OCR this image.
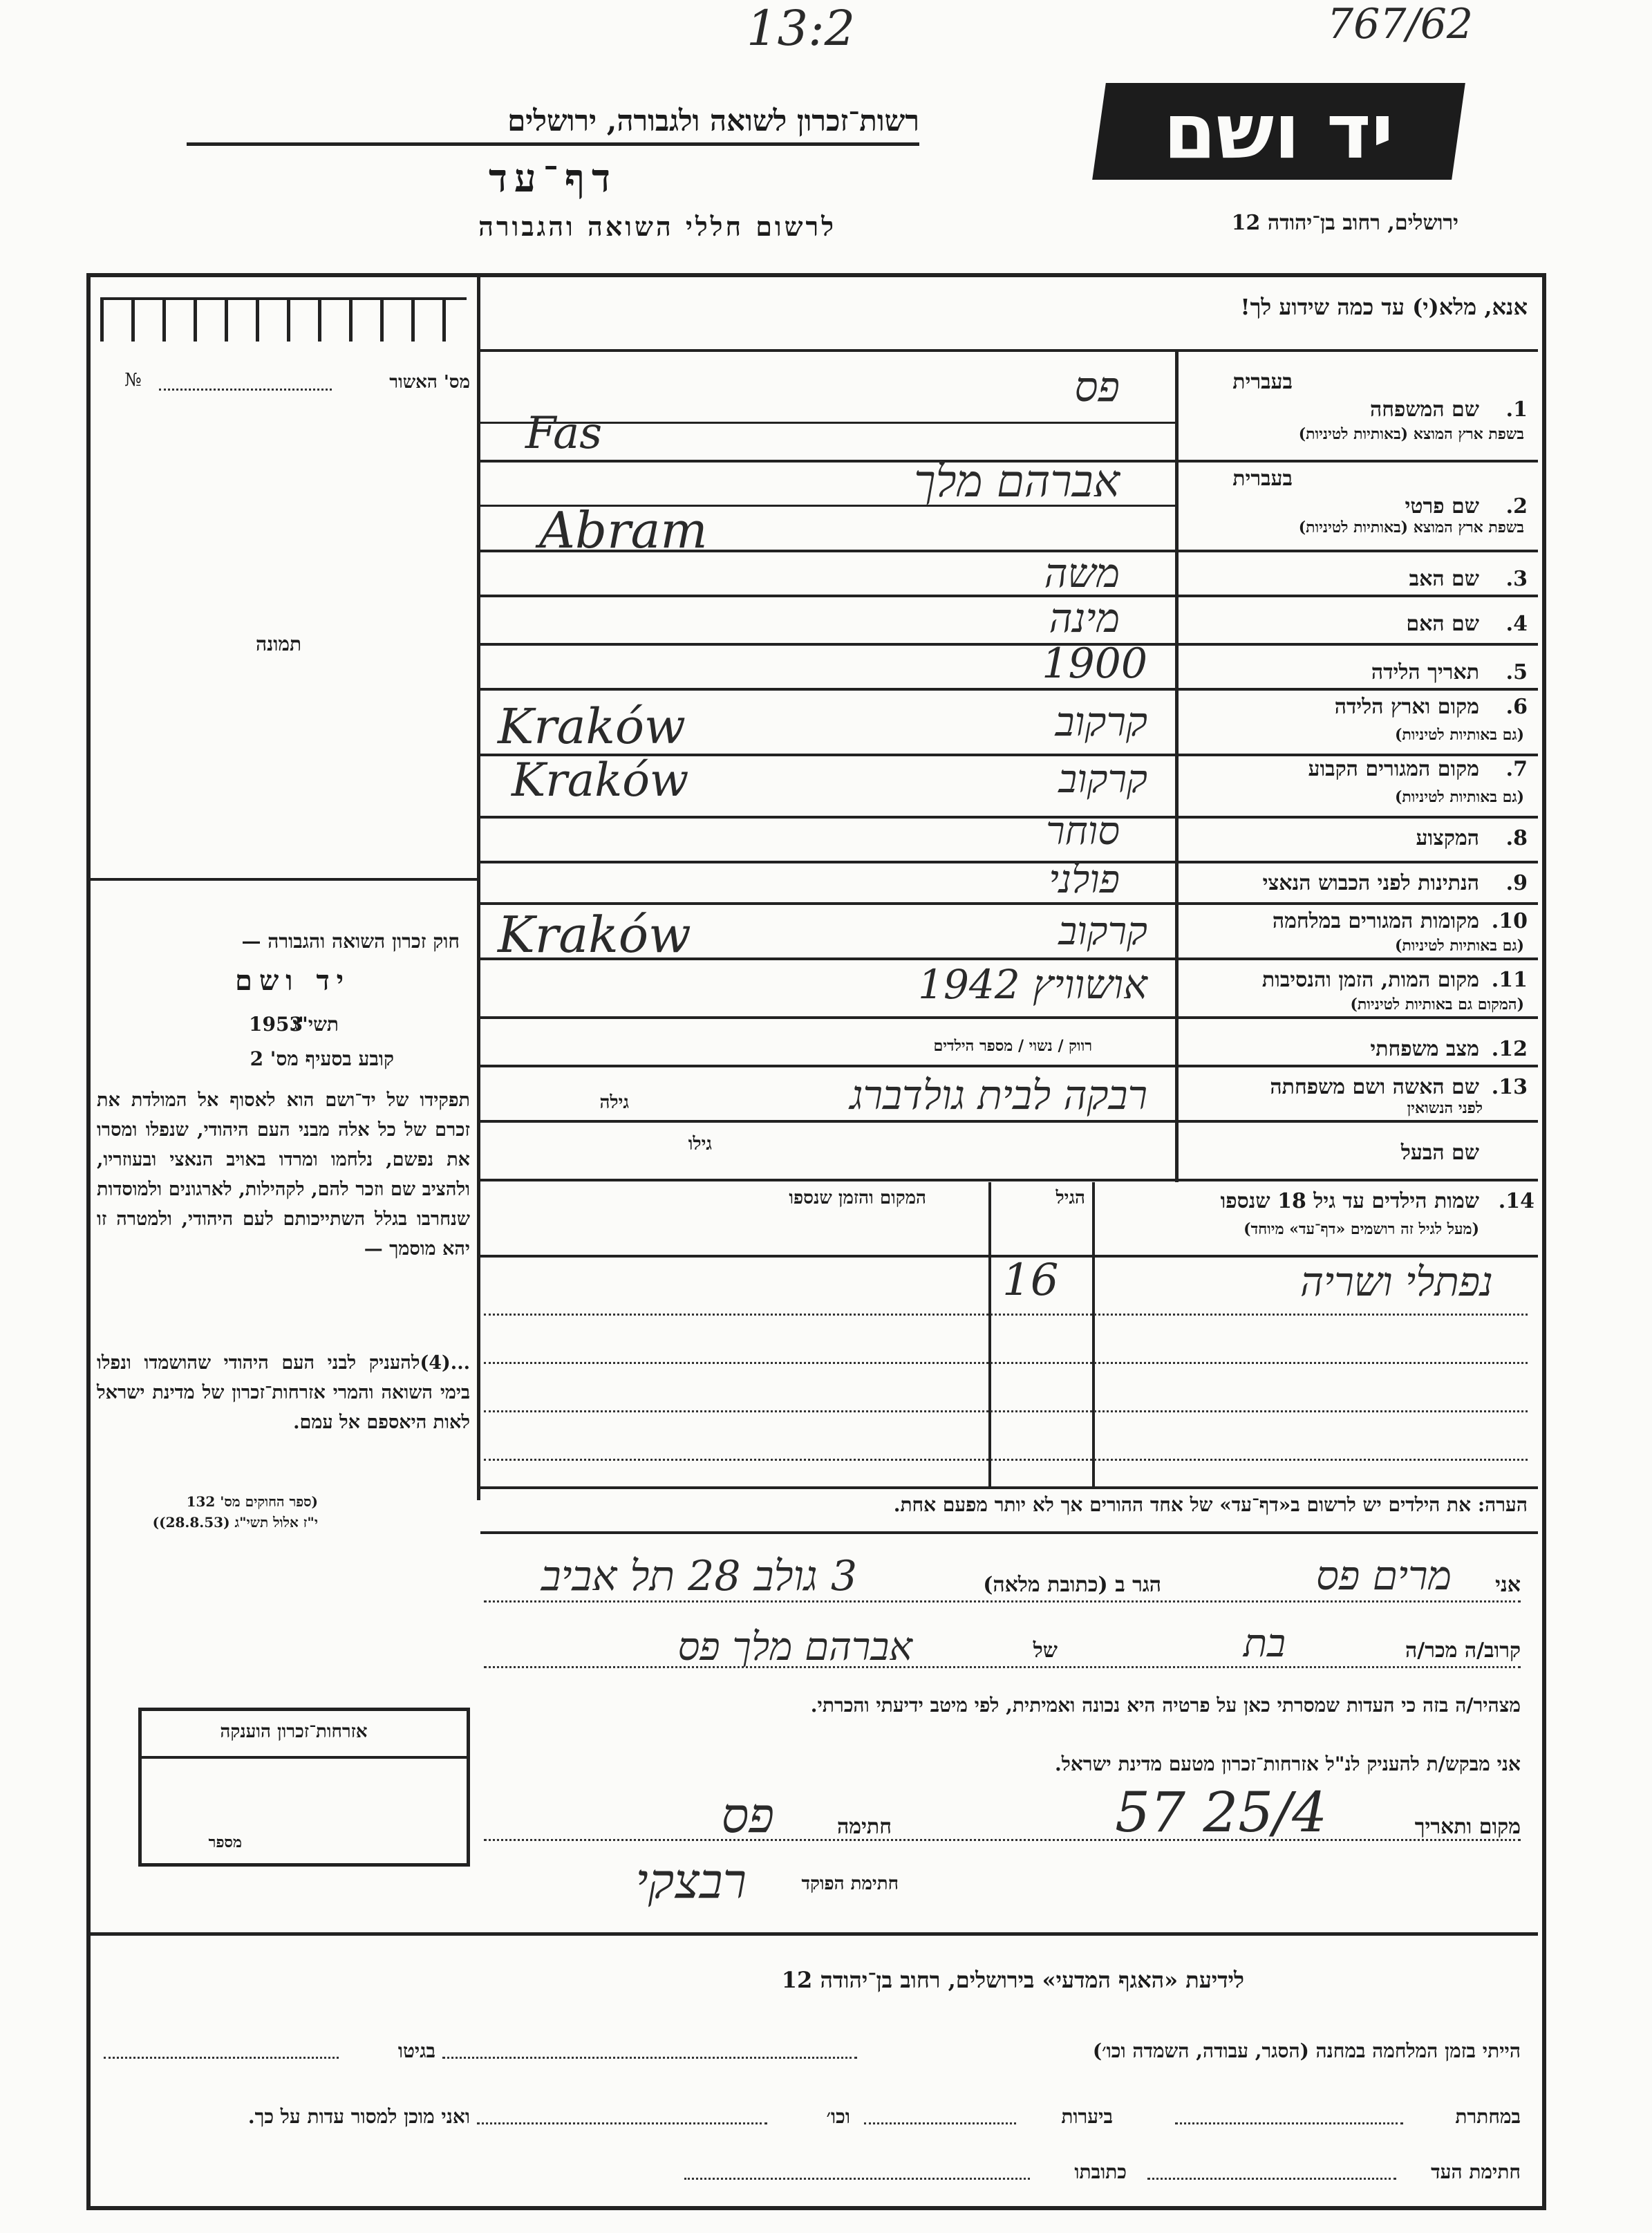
13:2	767/62
יד ושם
רשות־זכרון לשואה ולגבורה, ירושלים
דף־עד
לרשום חללי השואה והגבורה	ירושלים, רחוב בן־יהודה 12
מס' האשור
№
תמונה
חוק זכרון השואה והגבורה —
יד ושם
תשי"ג
1953
קובע בסעיף מס' 2
תפקידו של יד־ושם הוא לאסוף אל המולדת את זכרם של כל אלה מבני העם היהודי, שנפלו ומסרו את נפשם, נלחמו ומרדו באויב הנאצי ובעוזריו, ולהציב שם וזכר להם, לקהילות, לארגונים ולמוסדות שנחרבו בגלל השתייכותם לעם היהודי, ולמטרה זו יהא מוסמך —
...(4)להעניק לבני העם היהודי שהושמדו ונפלו בימי השואה והמרי אזרחות־זכרון של מדינת ישראל לאות היאספם אל עמם.
(ספר החוקים מס' 132
י"ז אלול תשי"ג (28.8.53))
אזרחות־זכרון הוענקה
מספר
אנא, מלא(י) עד כמה שידוע לך!
בעברית
1.
שם המשפחה
בשפת ארץ המוצא (באותיות לטיניות)
פס
Fas
בעברית
2.
שם פרטי
בשפת ארץ המוצא (באותיות לטיניות)
אברהם מלך
Abram
3.
שם האב
משה
4.
שם האם
מינה
5.
תאריך הלידה
1900
6.
מקום וארץ הלידה
(גם באותיות לטיניות)
קרקוב
Kraków
7.
מקום המגורים הקבוע
(גם באותיות לטיניות)
קרקוב
Kraków
8.
המקצוע
סוחר
9.
הנתינות לפני הכבוש הנאצי
פולני
10.
מקומות המגורים במלחמה
(גם באותיות לטיניות)
קרקוב
Kraków
11.
מקום המות, הזמן והנסיבות
(המקום גם באותיות לטיניות)
אושוויץ 1942
12.
מצב משפחתי
רווק / נשוי / מספר הילדים
13.
שם האשה ושם משפחתה
לפני הנשואין
רבקה לבית גולדברג
גילה
שם הבעל
גילו
14.
שמות הילדים עד גיל 18 שנספו
(מעל לגיל זה רושמים «דף־עד» מיוחד)
הגיל
המקום והזמן שנספו
נפתלי ושריה
16
הערה: את הילדים יש לרשום ב«דף־עד» של אחד ההורים אך לא יותר מפעם אחת.
אני
מרים פס
הגר ב (כתובת מלאה)
3 גולב 28 תל אביב
קרוב/ה מכר/ה
בת
של
אברהם מלך פס
מצהיר/ה בזה כי העדות שמסרתי כאן על פרטיה היא נכונה ואמיתית, לפי מיטב ידיעתי והכרתי.
אני מבקש/ת להעניק לנ"ל אזרחות־זכרון מטעם מדינת ישראל.
מקום ותאריך
25/4 57
חתימה
פס
חתימת הפוקד
רבצקי
לידיעת «האגף המדעי» בירושלים, רחוב בן־יהודה 12
הייתי בזמן המלחמה במחנה (הסגר, עבודה, השמדה וכו׳)
בגיטו
במחתרת
ביערות
וכו׳
ואני מוכן למסור עדות על כך.
חתימת העד
כתובתו
